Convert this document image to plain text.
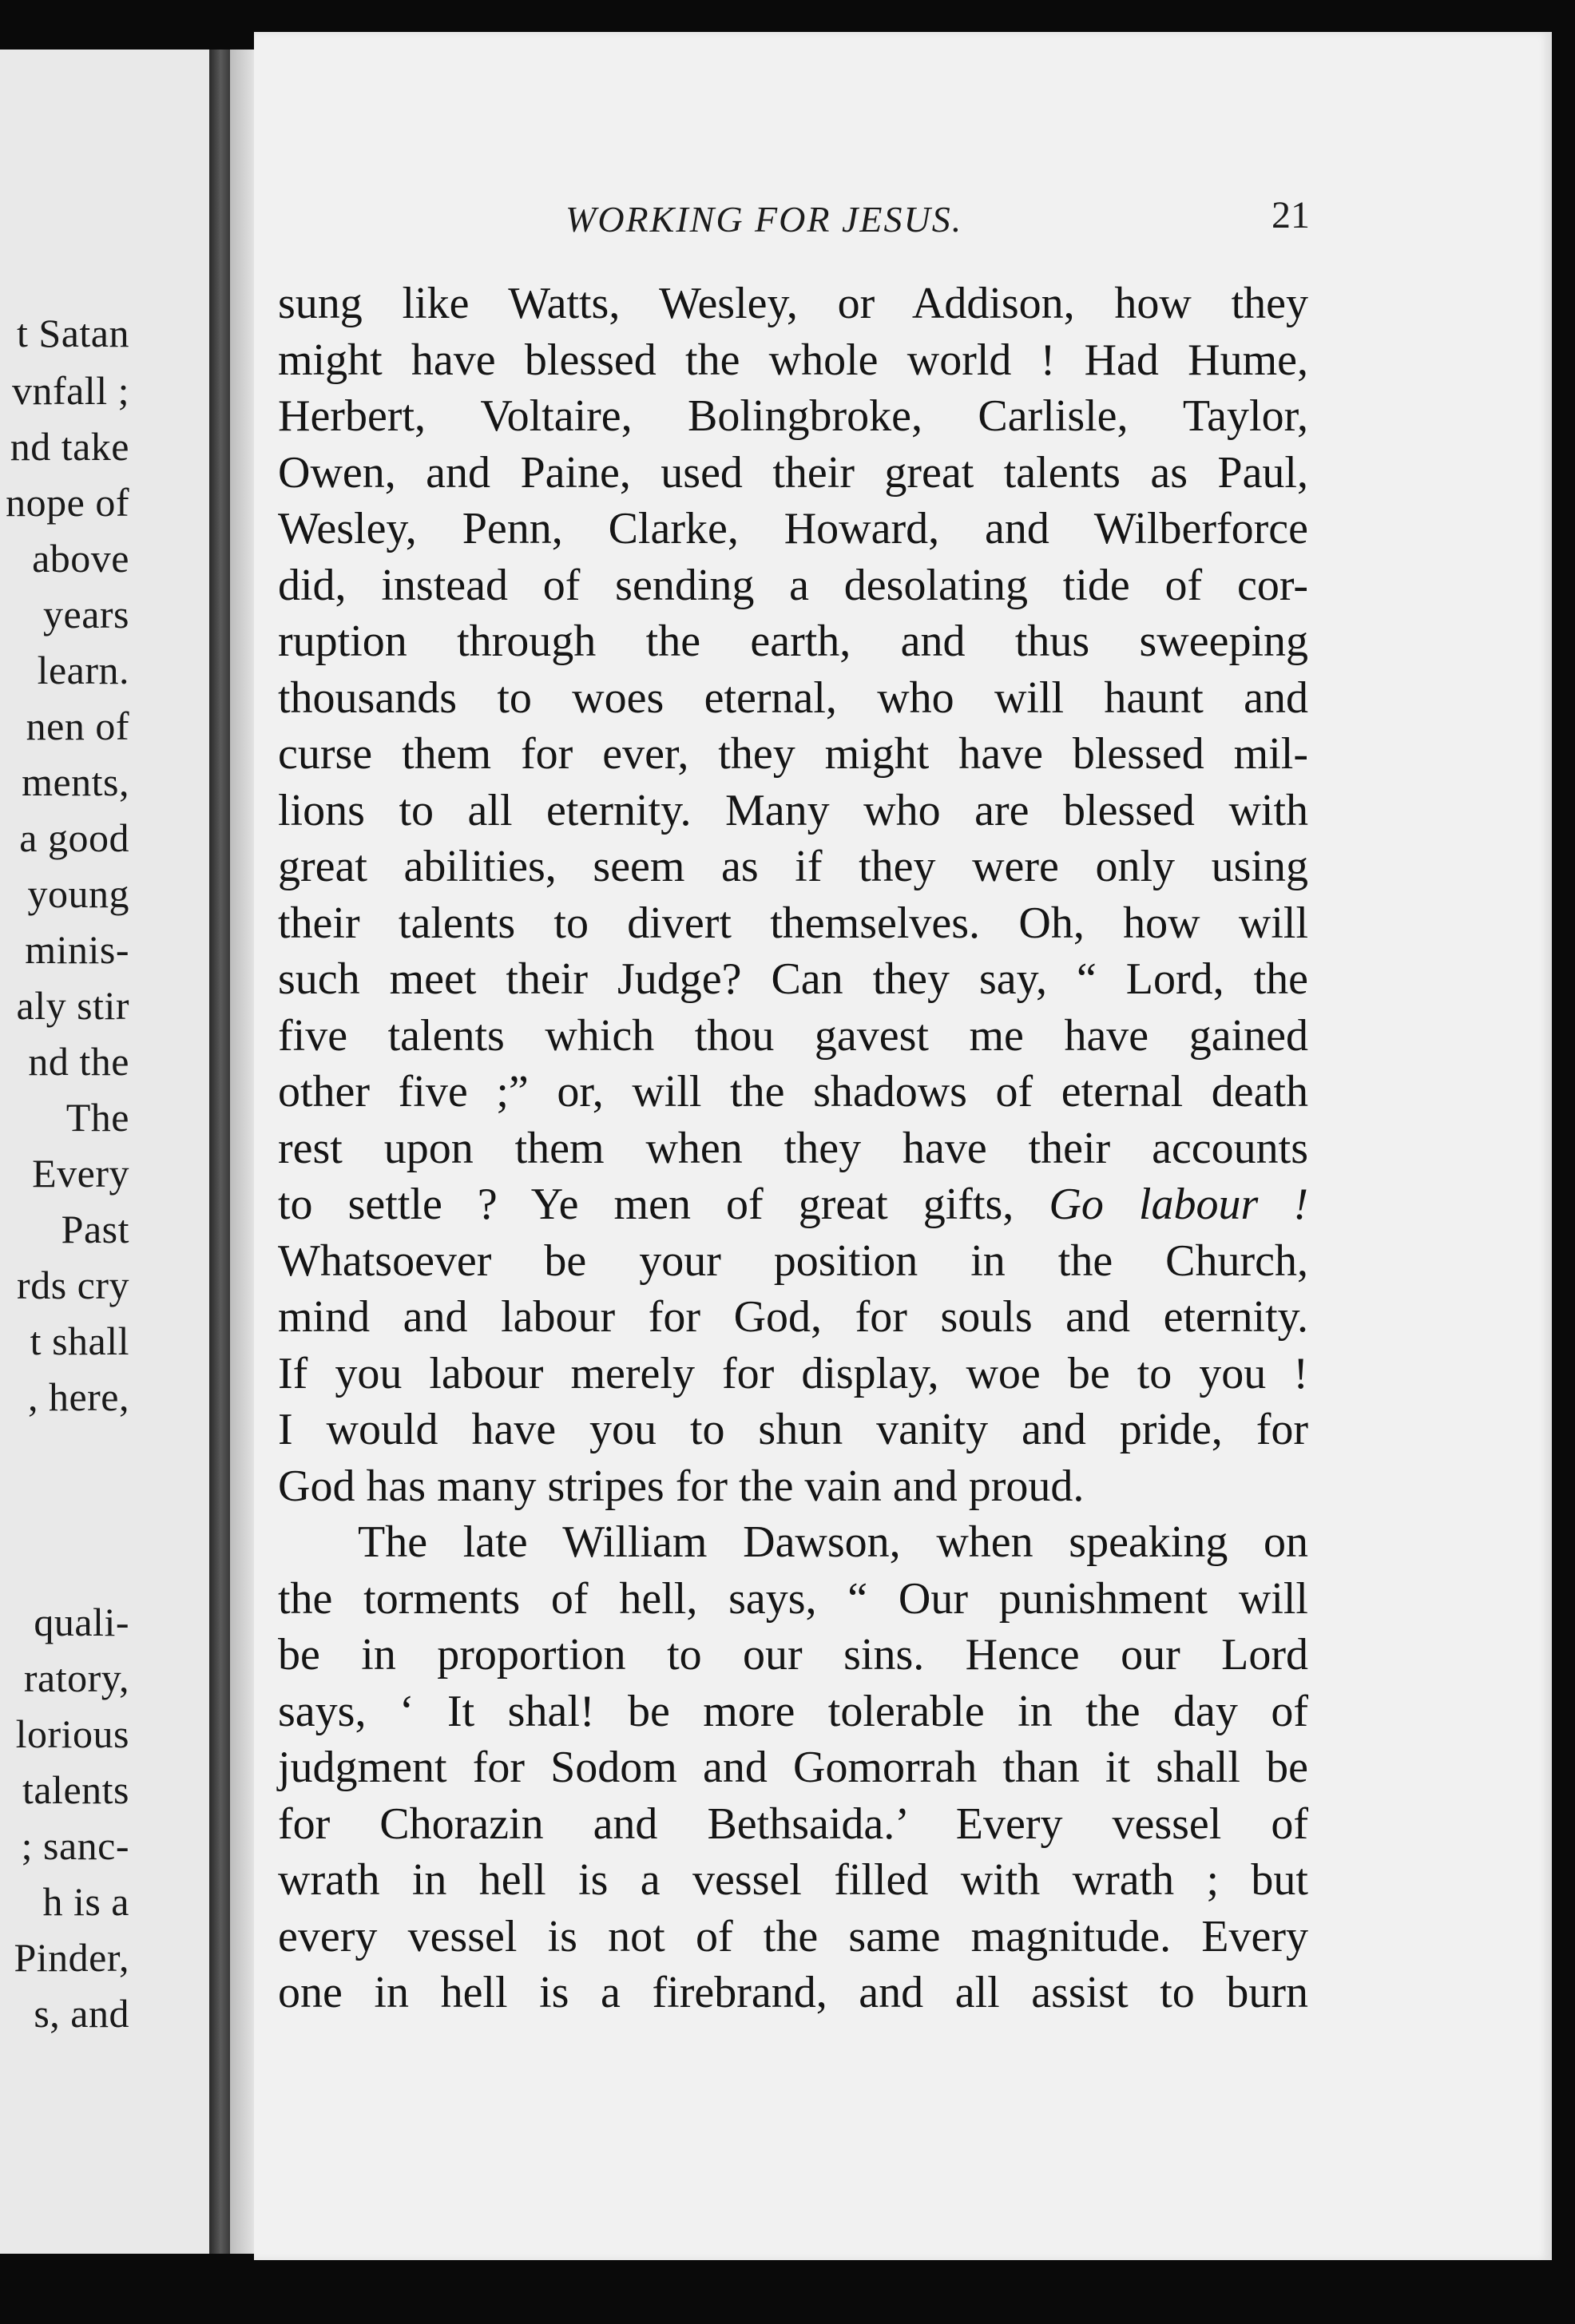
t Satan
vnfall ;
nd take
nope of
above
years
learn.
nen of
ments,
a good
young
minis-
aly stir
nd the
The
Every
Past
rds cry
t shall
, here,
quali-
ratory,
lorious
talents
; sanc-
h is a
Pinder,
s, and
WORKING FOR JESUS.	21
sung like Watts, Wesley, or Addison, how they
might have blessed the whole world ! Had Hume,
Herbert, Voltaire, Bolingbroke, Carlisle, Taylor,
Owen, and Paine, used their great talents as Paul,
Wesley, Penn, Clarke, Howard, and Wilberforce
did, instead of sending a desolating tide of cor-
ruption through the earth, and thus sweeping
thousands to woes eternal, who will haunt and
curse them for ever, they might have blessed mil-
lions to all eternity. Many who are blessed with
great abilities, seem as if they were only using
their talents to divert themselves. Oh, how will
such meet their Judge? Can they say, “ Lord, the
five talents which thou gavest me have gained
other five ;” or, will the shadows of eternal death
rest upon them when they have their accounts
to settle ? Ye men of great gifts, Go labour !
Whatsoever be your position in the Church,
mind and labour for God, for souls and eternity.
If you labour merely for display, woe be to you !
I would have you to shun vanity and pride, for
God has many stripes for the vain and proud.
The late William Dawson, when speaking on
the torments of hell, says, “ Our punishment will
be in proportion to our sins. Hence our Lord
says, ‘ It shal! be more tolerable in the day of
judgment for Sodom and Gomorrah than it shall be
for Chorazin and Bethsaida.’ Every vessel of
wrath in hell is a vessel filled with wrath ; but
every vessel is not of the same magnitude. Every
one in hell is a firebrand, and all assist to burn
